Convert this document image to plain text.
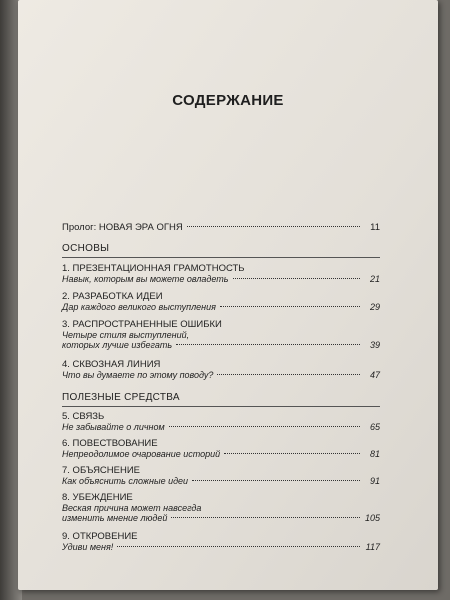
СОДЕРЖАНИЕ
Пролог: НОВАЯ ЭРА ОГНЯ	11
ОСНОВЫ
1. ПРЕЗЕНТАЦИОННАЯ ГРАМОТНОСТЬ
Навык, которым вы можете овладеть	21
2. РАЗРАБОТКА ИДЕИ
Дар каждого великого выступления	29
3. РАСПРОСТРАНЕННЫЕ ОШИБКИ
Четыре стиля выступлений,
которых лучше избегать	39
4. СКВОЗНАЯ ЛИНИЯ
Что вы думаете по этому поводу?	47
ПОЛЕЗНЫЕ СРЕДСТВА
5. СВЯЗЬ
Не забывайте о личном	65
6. ПОВЕСТВОВАНИЕ
Непреодолимое очарование историй	81
7. ОБЪЯСНЕНИЕ
Как объяснить сложные идеи	91
8. УБЕЖДЕНИЕ
Веская причина может навсегда
изменить мнение людей	105
9. ОТКРОВЕНИЕ
Удиви меня!	117
